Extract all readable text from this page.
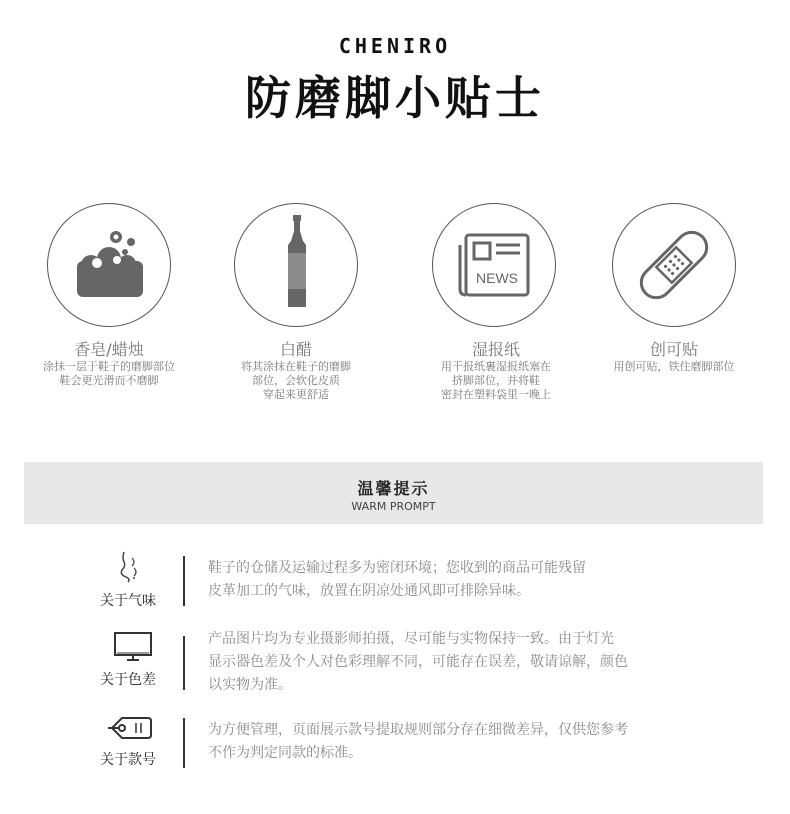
CHENIRO
防磨脚小贴士
香皂/蜡烛
涂抹一层于鞋子的磨脚部位
鞋会更光滑而不磨脚
白醋
将其涂抹在鞋子的磨脚
部位，会软化皮质
穿起来更舒适
NEWS
湿报纸
用干报纸裹湿报纸塞在
挤脚部位，并将鞋
密封在塑料袋里一晚上
创可贴
用创可贴，铁住磨脚部位
温馨提示
WARM PROMPT
关于气味
鞋子的仓储及运输过程多为密闭环境；您收到的商品可能残留
皮革加工的气味，放置在阴凉处通风即可排除异味。
关于色差
产品图片均为专业摄影师拍摄，尽可能与实物保持一致。由于灯光
显示器色差及个人对色彩理解不同，可能存在误差，敬请谅解，颜色
以实物为准。
关于款号
为方便管理，页面展示款号提取规则部分存在细微差异，仅供您参考
不作为判定同款的标准。
